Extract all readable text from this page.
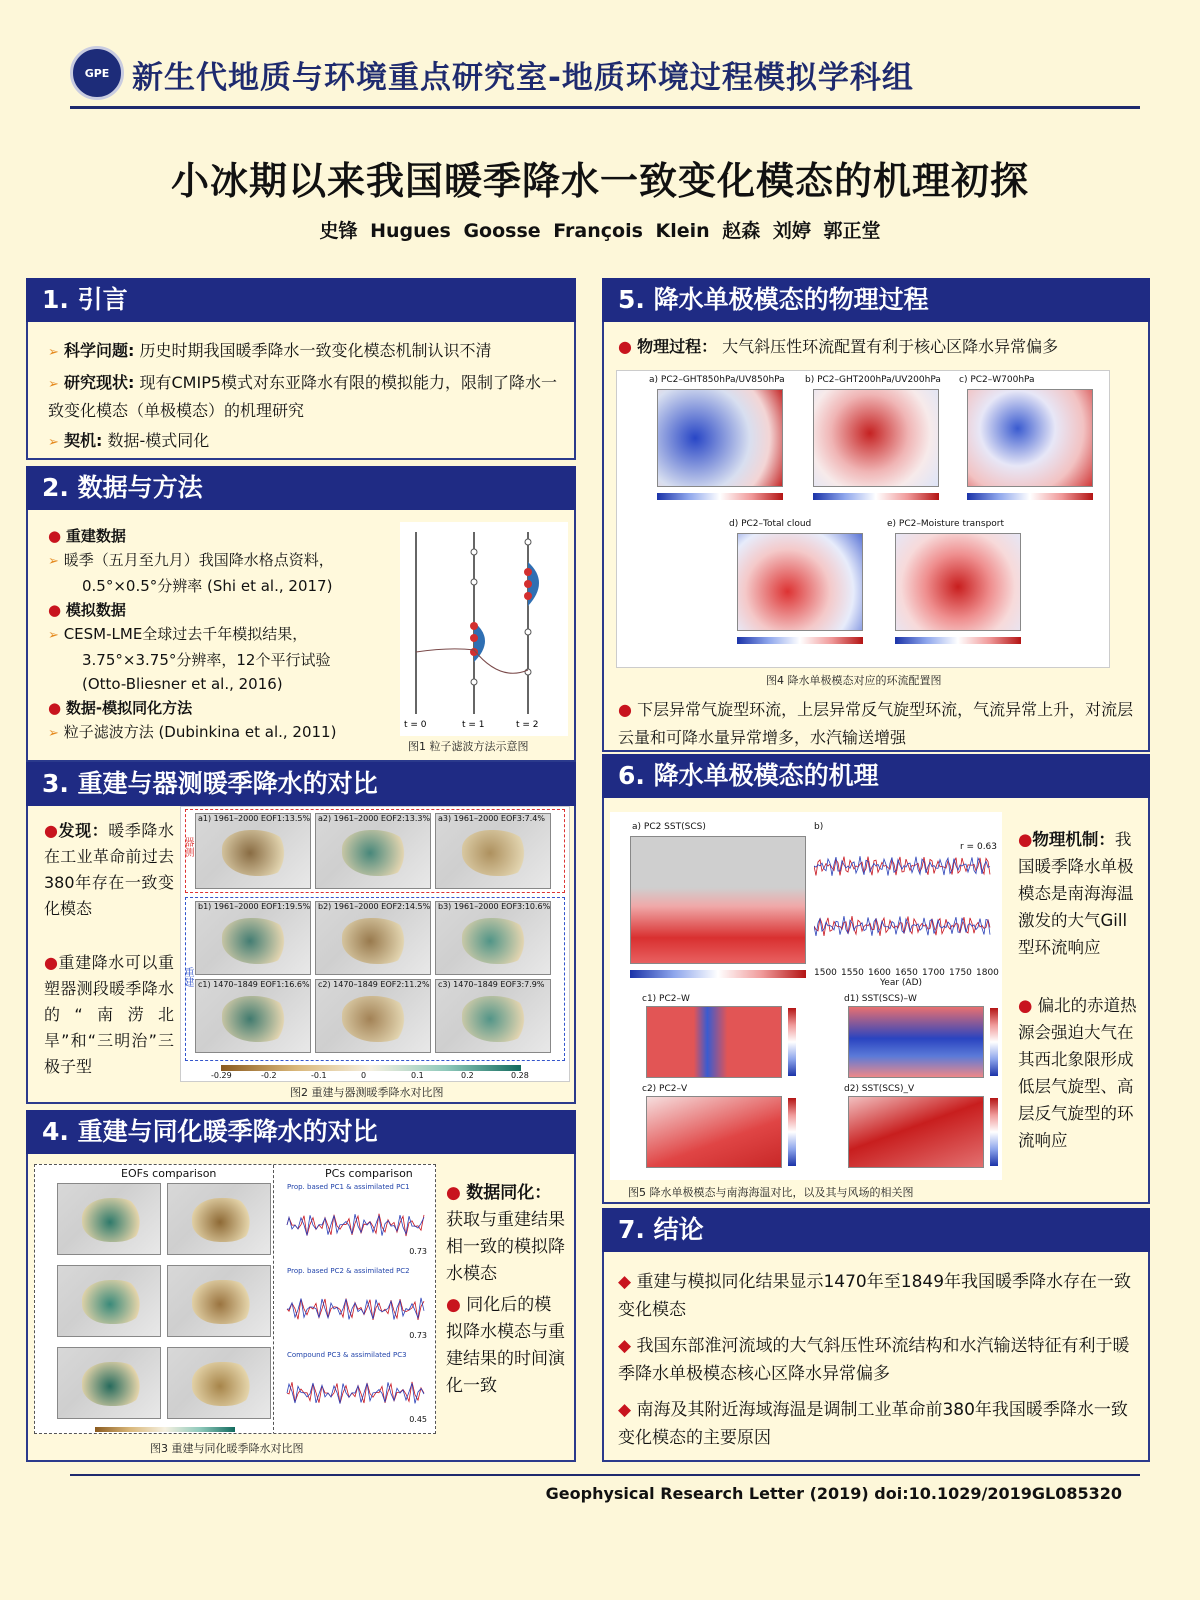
GPE 新生代地质与环境重点研究室-地质环境过程模拟学科组
小冰期以来我国暖季降水一致变化模态的机理初探
史锋 Hugues Goosse François Klein 赵森 刘婷 郭正堂
1. 引言
➢ 科学问题: 历史时期我国暖季降水一致变化模态机制认识不清
➢ 研究现状: 现有CMIP5模式对东亚降水有限的模拟能力，限制了降水一致变化模态（单极模态）的机理研究
➢ 契机: 数据-模式同化
2. 数据与方法
● 重建数据
➢ 暖季（五月至九月）我国降水格点资料，
0.5°×0.5°分辨率 (Shi et al., 2017)
● 模拟数据
➢ CESM-LME全球过去千年模拟结果，
3.75°×3.75°分辨率，12个平行试验
(Otto-Bliesner et al., 2016)
● 数据-模拟同化方法
➢ 粒子滤波方法 (Dubinkina et al., 2011)	t = 0	t = 1	t = 2
图1 粒子滤波方法示意图
3. 重建与器测暖季降水的对比
●发现：暖季降水在工业革命前过去380年存在一致变化模态
●重建降水可以重塑器测段暖季降水的“南涝北旱”和“三明治”三极子型
器测
重建
a1) 1961–2000 EOF1:13.5% a2) 1961–2000 EOF2:13.3% a3) 1961–2000 EOF3:7.4%
b1) 1961–2000 EOF1:19.5% b2) 1961–2000 EOF2:14.5% b3) 1961–2000 EOF3:10.6%
c1) 1470–1849 EOF1:16.6% c2) 1470–1849 EOF2:11.2% c3) 1470–1849 EOF3:7.9%
-0.29	-0.2	-0.1	0	0.1	0.2	0.28
图2 重建与器测暖季降水对比图
4. 重建与同化暖季降水的对比
EOFs comparison	PCs comparison
Prop. based PC1 & assimilated PC1
0.73
Prop. based PC2 & assimilated PC2
0.73
Compound PC3 & assimilated PC3
0.45
图3 重建与同化暖季降水对比图
● 数据同化：获取与重建结果相一致的模拟降水模态
● 同化后的模拟降水模态与重建结果的时间演化一致
5. 降水单极模态的物理过程
● 物理过程： 大气斜压性环流配置有利于核心区降水异常偏多
a) PC2–GHT850hPa/UV850hPa b) PC2–GHT200hPa/UV200hPa c) PC2–W700hPa
d) PC2–Total cloud	e) PC2–Moisture transport
图4 降水单极模态对应的环流配置图
● 下层异常气旋型环流，上层异常反气旋型环流，气流异常上升，对流层云量和可降水量异常增多，水汽输送增强
6. 降水单极模态的机理
a) PC2 SST(SCS)	b)
r = 0.63
1500 1550 1600 1650 1700 1750 1800
Year (AD)
c1) PC2–W	d1) SST(SCS)–W
c2) PC2–V	d2) SST(SCS)_V
图5 降水单极模态与南海海温对比，以及其与风场的相关图
●物理机制：我国暖季降水单极模态是南海海温激发的大气Gill型环流响应
● 偏北的赤道热源会强迫大气在其西北象限形成低层气旋型、高层反气旋型的环流响应
7. 结论
◆ 重建与模拟同化结果显示1470年至1849年我国暖季降水存在一致变化模态
◆ 我国东部淮河流域的大气斜压性环流结构和水汽输送特征有利于暖季降水单极模态核心区降水异常偏多
◆ 南海及其附近海域海温是调制工业革命前380年我国暖季降水一致变化模态的主要原因
Geophysical Research Letter (2019) doi:10.1029/2019GL085320
